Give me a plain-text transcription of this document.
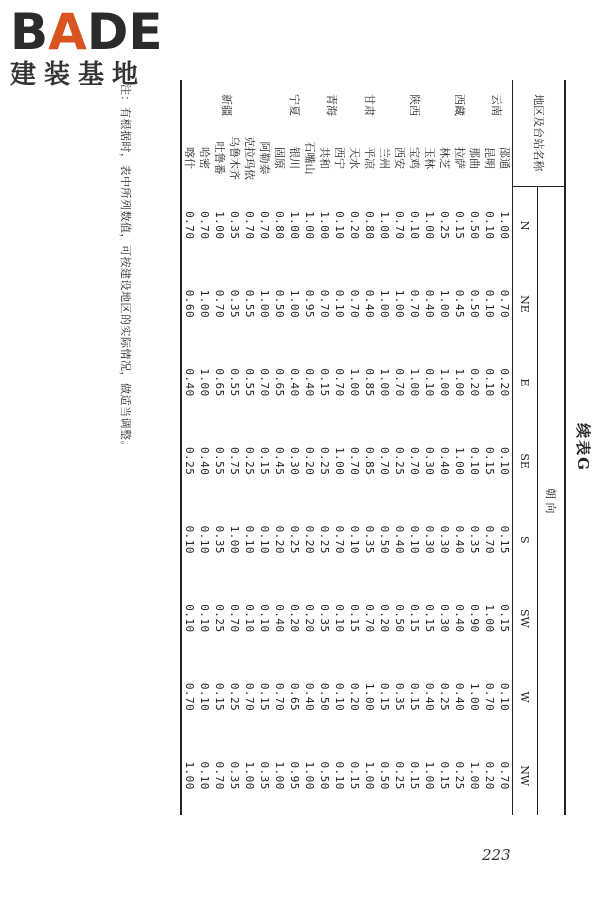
BADE
建装基地
续表G
地区及台站名称		朝 向							
		N	NE	E	SE	S	SW	W	NW
云南	邵通	1.00	0.70	0.20	0.10	0.15	0.15	0.10	0.70
	昆明	0.10	0.10	0.10	0.15	0.70	1.00	0.70	0.20
西藏	那曲	0.50	0.50	0.20	0.10	0.35	0.90	1.00	1.00
	拉萨	0.15	0.45	1.00	1.00	0.40	0.40	0.40	0.25
	林芝	0.25	1.00	1.00	0.40	0.30	0.30	0.25	0.15
陕西	玉林	1.00	0.40	0.10	0.30	0.30	0.15	0.40	1.00
	宝鸡	0.10	0.70	1.00	0.70	0.10	0.15	0.15	0.15
	西安	0.70	1.00	0.70	0.25	0.40	0.50	0.35	0.25
甘肃	兰州	1.00	1.00	1.00	0.70	0.50	0.20	0.15	0.50
	平凉	0.80	0.40	0.85	0.85	0.35	0.70	1.00	1.00
	天水	0.20	0.70	1.00	0.70	0.10	0.15	0.20	0.15
青海	西宁	0.10	0.10	0.70	1.00	0.70	0.10	0.10	0.10
	共和	1.00	0.70	0.15	0.25	0.25	0.35	0.50	0.50
宁夏	石嘴山	1.00	0.95	0.40	0.20	0.20	0.20	0.40	1.00
	银川	1.00	1.00	0.40	0.30	0.25	0.20	0.65	0.95
	固原	0.80	0.50	0.65	0.45	0.20	0.40	0.70	1.00
新疆	阿勒泰	0.70	1.00	0.70	0.15	0.10	0.10	0.15	0.35
	克拉玛依	0.70	0.55	0.55	0.25	0.10	0.10	0.70	1.00
	乌鲁木齐	0.35	0.35	0.55	0.75	1.00	0.70	0.25	0.35
	吐鲁番	1.00	0.70	0.65	0.55	0.35	0.25	0.15	0.70
	哈密	0.70	1.00	1.00	0.40	0.10	0.10	0.10	0.10
	喀什	0.70	0.60	0.40	0.25	0.10	0.10	0.70	1.00
注：有根据时，表中所列数值，可按建设地区的实际情况，做适当调整。
223
